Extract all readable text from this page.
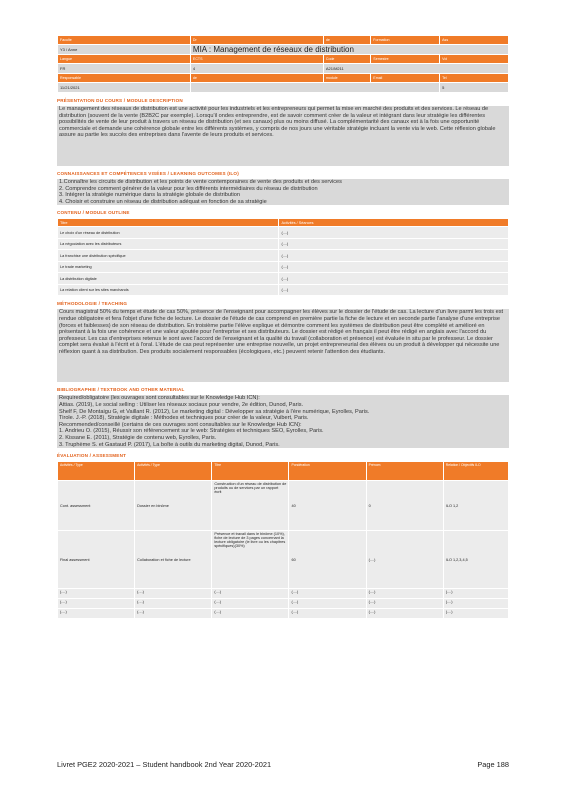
Faculte	Dr	de	Formation	Ass
Y3 / Anne	MIA : Management de réseaux de distribution			
Langue	ECTS	Code	Semestre	Vol
FR	4	A21/M211		
Responsable	de	module	Email	Tel
11/21/2021				5
PRÉSENTATION DU COURS / MODULE DESCRIPTION
Le management des réseaux de distribution est une activité pour les industriels et les entrepreneurs qui permet la mise en marché des produits et des services. Le réseau de distribution (souvent de la vente (B2B2C par exemple). Lorsqu'il ondes entreprendre, est de savoir comment créer de la valeur et intégrant dans leur stratégie les différentes possibilités de vente de leur produit à travers un réseau de distribution (et ses canaux) plus ou moins diffusé. La complémentarité des canaux est à la fois une opportunité commerciale et demande une cohérence globale entre les différents systèmes, y compris de nos jours une véritable stratégie incluant la vente via le web. Cette réflexion globale assure au partie les succès des entreprises dans l'avente de leurs produits et services.
CONNAISSANCES ET COMPÉTENCES VISÉES / LEARNING OUTCOMES (ILO)
1.Connaître les circuits de distribution et les points de vente contemporaines de vente des produits et des services
2. Comprendre comment générer de la valeur pour les différents intermédiaires du réseau de distribution
3. Intégrer la stratégie numérique dans la stratégie globale de distribution
4. Choisir et construire un réseau de distribution adéquat en fonction de sa stratégie
CONTENU / MODULE OUTLINE
Titre	Activités / Séances
Le choix d'un réseau de distribution	(....)
La négociation avec les distributeurs	(....)
La franchise une distribution spécifique	(....)
Le trade marketing	(....)
La distribution digitale	(....)
La relation client sur les sites marchands	(....)
MÉTHODOLOGIE / TEACHING
Cours magistral 50% du temps et étude de cas 50%, présence de l'enseignant pour accompagner les élèves sur le dossier de l'étude de cas. La lecture d'un livre parmi les trois est rendue obligatoire et fera l'objet d'une fiche de lecture. Le dossier de l'étude de cas comprend en première partie la fiche de lecture et en seconde partie l'analyse d'une entreprise (forces et faiblesses) de son réseau de distribution. En troisième partie l'élève explique et démontre comment les systèmes de distribution peut être complété et amélioré en présentant à la fois une cohérence et une valeur ajoutée pour l'entreprise et ses distributeurs. Le dossier est rédigé en français il peut être rédigé en anglais avec l'accord du professeur. Les cas d'entreprises retenus le sont avec l'accord de l'enseignant et la qualité du travail (collaboration et présence) est évaluée in situ par le professeur. Le dossier complet sera évalué à l'écrit et à l'oral. L'étude de cas peut représenter une entreprise nouvelle, un projet entrepreneurial des élèves ou un produit à développer qui nécessite une réflexion quant à sa distribution. Des produits socialement responsables (écologiques, etc.) peuvent retenir l'attention des étudiants.
BIBLIOGRAPHIE / TEXTBOOK AND OTHER MATERIAL
Required/obligatoire (les ouvrages sont consultables sur le Knowledge Hub ICN):
Attias. (2019), Le social selling : Utiliser les réseaux sociaux pour vendre, 2e édition, Dunod, Paris.
Shelf F, De Montaigu G, et Vaillant R. (2012), Le marketing digital : Développer sa stratégie à l'ère numérique, Eyrolles, Paris.
Tirole. J.-P. (2018), Stratégie digitale : Méthodes et techniques pour créer de la valeur, Vuibert, Paris.
Recommended/conseillé (certains de ces ouvrages sont consultables sur le Knowledge Hub ICN):
1. Andrieu O. (2015), Réussir son référencement sur le web: Stratégies et techniques SEO, Eyrolles, Paris.
2. Kissane E. (2011), Stratégie de contenu web, Eyrolles, Paris.
3. Truphème S. et Gastaud P. (2017), La boîte à outils du marketing digital, Dunod, Paris.
ÉVALUATION / ASSESSMENT
Activités / Type	Activités / Type	Titre	Pondération	Prénom	Relation / Objectifs ILO
Cont. assessment	Dossier en binôme	Construction d'un réseau de distribution de produits ou de services par un rapport écrit	40	0	ILO 1,2
Final assessment	Collaboration et fiche de lecture	Présence et travail dans le binôme (10%), fiche de lecture de 3 pages concernant la lecture obligatoire (le livre ou les chapitres spécifiques)(30%)	60	(....)	ILO 1,2,3,4,5
(....)	(....)	(....)	(....)	(....)	(....)
(....)	(....)	(....)	(....)	(....)	(....)
(....)	(....)	(....)	(....)	(....)	(....)
Livret PGE2 2020-2021 – Student handbook 2nd Year 2020-2021	Page 188
